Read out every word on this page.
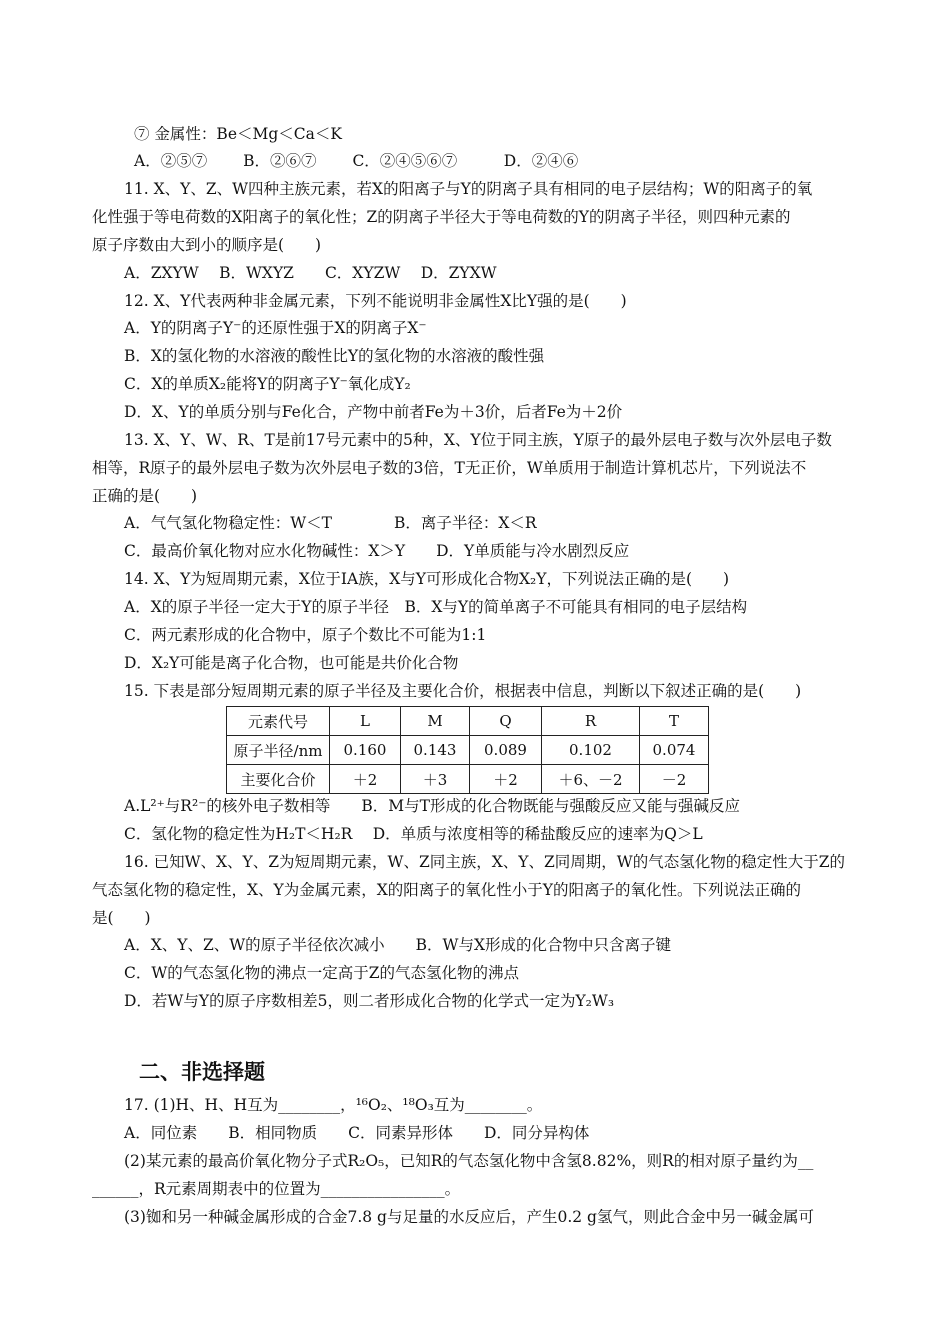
⑦ 金属性：Be＜Mg＜Ca＜K
A．②⑤⑦　　 B．②⑥⑦　　 C．②④⑤⑥⑦　　　D．②④⑥
11. X、Y、Z、W四种主族元素，若X的阳离子与Y的阴离子具有相同的电子层结构；W的阳离子的氧
化性强于等电荷数的X阳离子的氧化性；Z的阴离子半径大于等电荷数的Y的阴离子半径，则四种元素的
原子序数由大到小的顺序是(　　)
A．ZXYW　 B．WXYZ　　C．XYZW　 D．ZYXW
12. X、Y代表两种非金属元素，下列不能说明非金属性X比Y强的是(　　)
A．Y的阴离子Y⁻的还原性强于X的阴离子X⁻
B．X的氢化物的水溶液的酸性比Y的氢化物的水溶液的酸性强
C．X的单质X₂能将Y的阴离子Y⁻氧化成Y₂
D．X、Y的单质分别与Fe化合，产物中前者Fe为＋3价，后者Fe为＋2价
13. X、Y、W、R、T是前17号元素中的5种，X、Y位于同主族，Y原子的最外层电子数与次外层电子数
相等，R原子的最外层电子数为次外层电子数的3倍，T无正价，W单质用于制造计算机芯片，下列说法不
正确的是(　　)
A．气气氢化物稳定性：W＜T　　　　B．离子半径：X＜R
C．最高价氧化物对应水化物碱性：X＞Y　　D．Y单质能与冷水剧烈反应
14. X、Y为短周期元素，X位于ⅠA族，X与Y可形成化合物X₂Y，下列说法正确的是(　　)
A．X的原子半径一定大于Y的原子半径　B．X与Y的简单离子不可能具有相同的电子层结构
C．两元素形成的化合物中，原子个数比不可能为1:1
D．X₂Y可能是离子化合物，也可能是共价化合物
15. 下表是部分短周期元素的原子半径及主要化合价，根据表中信息，判断以下叙述正确的是(　　)
元素代号	L	M	Q	R	T
原子半径/nm	0.160	0.143	0.089	0.102	0.074
主要化合价	＋2	＋3	＋2	＋6、－2	－2
A.L²⁺与R²⁻的核外电子数相等　　B．M与T形成的化合物既能与强酸反应又能与强碱反应
C．氢化物的稳定性为H₂T＜H₂R　 D．单质与浓度相等的稀盐酸反应的速率为Q＞L
16. 已知W、X、Y、Z为短周期元素，W、Z同主族，X、Y、Z同周期，W的气态氢化物的稳定性大于Z的
气态氢化物的稳定性，X、Y为金属元素，X的阳离子的氧化性小于Y的阳离子的氧化性。下列说法正确的
是(　　)
A．X、Y、Z、W的原子半径依次减小　　B．W与X形成的化合物中只含离子键
C．W的气态氢化物的沸点一定高于Z的气态氢化物的沸点
D．若W与Y的原子序数相差5，则二者形成化合物的化学式一定为Y₂W₃
二、非选择题
17. (1)H、H、H互为________，¹⁶O₂、¹⁸O₃互为________。
A．同位素　　B．相同物质　　C．同素异形体　　D．同分异构体
(2)某元素的最高价氧化物分子式R₂O₅，已知R的气态氢化物中含氢8.82%，则R的相对原子量约为__
______，R元素周期表中的位置为________________。
(3)铷和另一种碱金属形成的合金7.8 g与足量的水反应后，产生0.2 g氢气，则此合金中另一碱金属可
